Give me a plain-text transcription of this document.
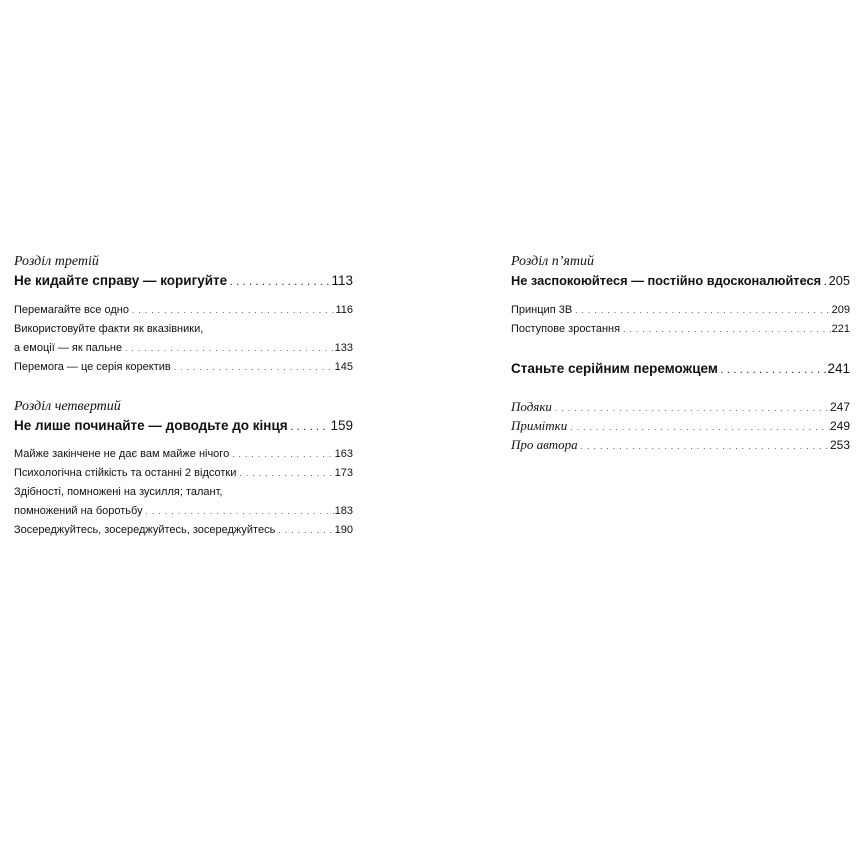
Розділ третій
Не кидайте справу — коригуйте . . .	113
Перемагайте все одно . . .	116
Використовуйте факти як вказівники,
а емоції — як пальне . . .	133
Перемога — це серія коректив . . .	145
Розділ четвертий
Не лише починайте — доводьте до кінця . . .	159
Майже закінчене не дає вам майже нічого . . .	163
Психологічна стійкість та останні 2 відсотки . . .	173
Здібності, помножені на зусилля; талант,
помножений на боротьбу . . .	183
Зосереджуйтесь, зосереджуйтесь, зосереджуйтесь . . .	190
Розділ п’ятий
Не заспокоюйтеся — постійно вдосконалюйтеся . . . 205
Принцип 3В . . .	209
Поступове зростання . . .	221
Станьте серійним переможцем . . .	241
Подяки . . .	247
Примітки . . .	249
Про автора . . .	253
